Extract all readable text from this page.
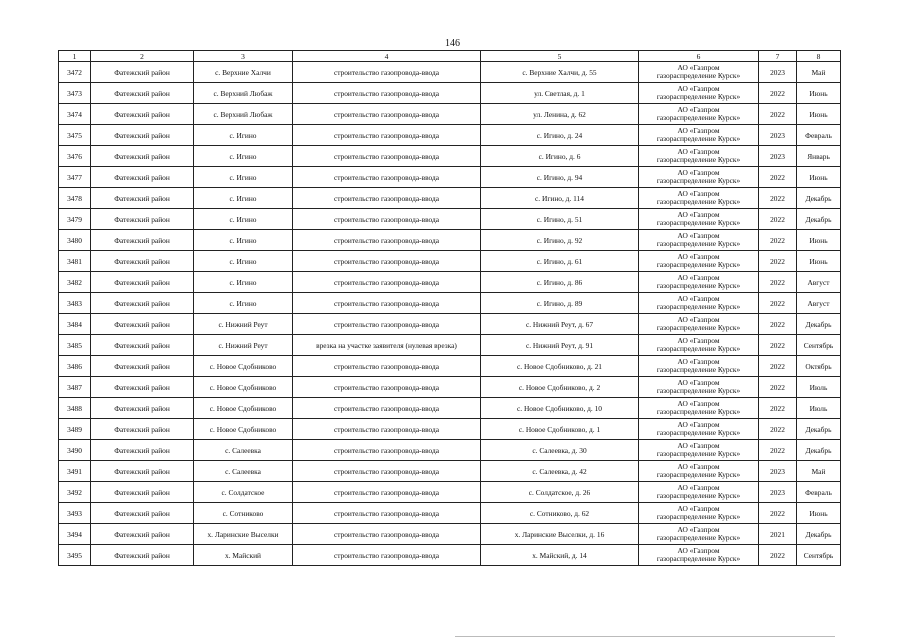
146
1	2	3	4	5	6	7	8
3472	Фатежский район	с. Верхние Халчи	строительство газопровода-ввода	с. Верхние Халчи, д. 55	АО «Газпром
газораспределение Курск»	2023	Май
3473	Фатежский район	с. Верхний Любаж	строительство газопровода-ввода	ул. Светлая, д. 1	АО «Газпром
газораспределение Курск»	2022	Июнь
3474	Фатежский район	с. Верхний Любаж	строительство газопровода-ввода	ул. Ленина, д. 62	АО «Газпром
газораспределение Курск»	2022	Июнь
3475	Фатежский район	с. Игино	строительство газопровода-ввода	с. Игино, д. 24	АО «Газпром
газораспределение Курск»	2023	Февраль
3476	Фатежский район	с. Игино	строительство газопровода-ввода	с. Игино, д. 6	АО «Газпром
газораспределение Курск»	2023	Январь
3477	Фатежский район	с. Игино	строительство газопровода-ввода	с. Игино, д. 94	АО «Газпром
газораспределение Курск»	2022	Июнь
3478	Фатежский район	с. Игино	строительство газопровода-ввода	с. Игино, д. 114	АО «Газпром
газораспределение Курск»	2022	Декабрь
3479	Фатежский район	с. Игино	строительство газопровода-ввода	с. Игино, д. 51	АО «Газпром
газораспределение Курск»	2022	Декабрь
3480	Фатежский район	с. Игино	строительство газопровода-ввода	с. Игино, д. 92	АО «Газпром
газораспределение Курск»	2022	Июнь
3481	Фатежский район	с. Игино	строительство газопровода-ввода	с. Игино, д. 61	АО «Газпром
газораспределение Курск»	2022	Июнь
3482	Фатежский район	с. Игино	строительство газопровода-ввода	с. Игино, д. 86	АО «Газпром
газораспределение Курск»	2022	Август
3483	Фатежский район	с. Игино	строительство газопровода-ввода	с. Игино, д. 89	АО «Газпром
газораспределение Курск»	2022	Август
3484	Фатежский район	с. Нижний Реут	строительство газопровода-ввода	с. Нижний Реут, д. 67	АО «Газпром
газораспределение Курск»	2022	Декабрь
3485	Фатежский район	с. Нижний Реут	врезка на участке заявителя (нулевая врезка)	с. Нижний Реут, д. 91	АО «Газпром
газораспределение Курск»	2022	Сентябрь
3486	Фатежский район	с. Новое Сдобниково	строительство газопровода-ввода	с. Новое Сдобниково, д. 21	АО «Газпром
газораспределение Курск»	2022	Октябрь
3487	Фатежский район	с. Новое Сдобниково	строительство газопровода-ввода	с. Новое Сдобниково, д. 2	АО «Газпром
газораспределение Курск»	2022	Июль
3488	Фатежский район	с. Новое Сдобниково	строительство газопровода-ввода	с. Новое Сдобниково, д. 10	АО «Газпром
газораспределение Курск»	2022	Июль
3489	Фатежский район	с. Новое Сдобниково	строительство газопровода-ввода	с. Новое Сдобниково, д. 1	АО «Газпром
газораспределение Курск»	2022	Декабрь
3490	Фатежский район	с. Салеевка	строительство газопровода-ввода	с. Салеевка, д. 30	АО «Газпром
газораспределение Курск»	2022	Декабрь
3491	Фатежский район	с. Салеевка	строительство газопровода-ввода	с. Салеевка, д. 42	АО «Газпром
газораспределение Курск»	2023	Май
3492	Фатежский район	с. Солдатское	строительство газопровода-ввода	с. Солдатское, д. 26	АО «Газпром
газораспределение Курск»	2023	Февраль
3493	Фатежский район	с. Сотниково	строительство газопровода-ввода	с. Сотниково, д. 62	АО «Газпром
газораспределение Курск»	2022	Июнь
3494	Фатежский район	х. Ларинские Выселки	строительство газопровода-ввода	х. Ларинские Выселки, д. 16	АО «Газпром
газораспределение Курск»	2021	Декабрь
3495	Фатежский район	х. Майский	строительство газопровода-ввода	х. Майский, д. 14	АО «Газпром
газораспределение Курск»	2022	Сентябрь
